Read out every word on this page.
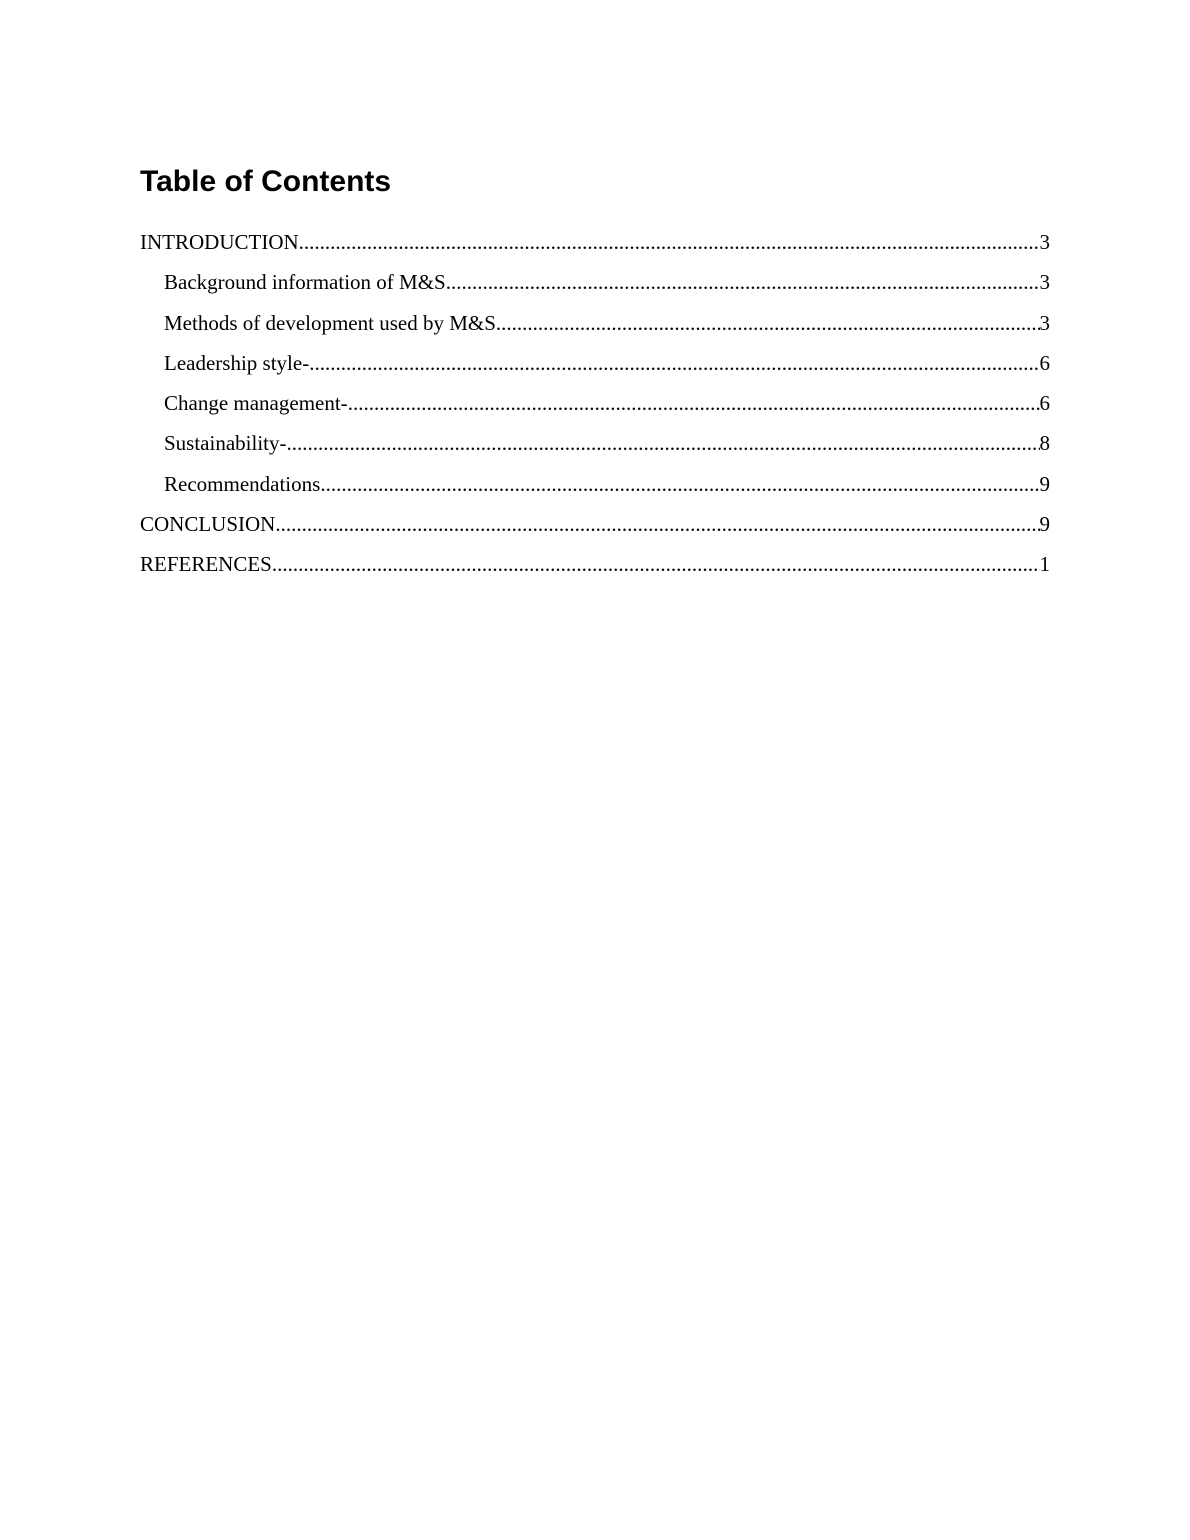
Table of Contents
INTRODUCTION .....	3
Background information of M&S .....	3
Methods of development used by M&S .....	3
Leadership style- .....	6
Change management- .....	6
Sustainability- .....	8
Recommendations .....	9
CONCLUSION .....	9
REFERENCES .....	1
